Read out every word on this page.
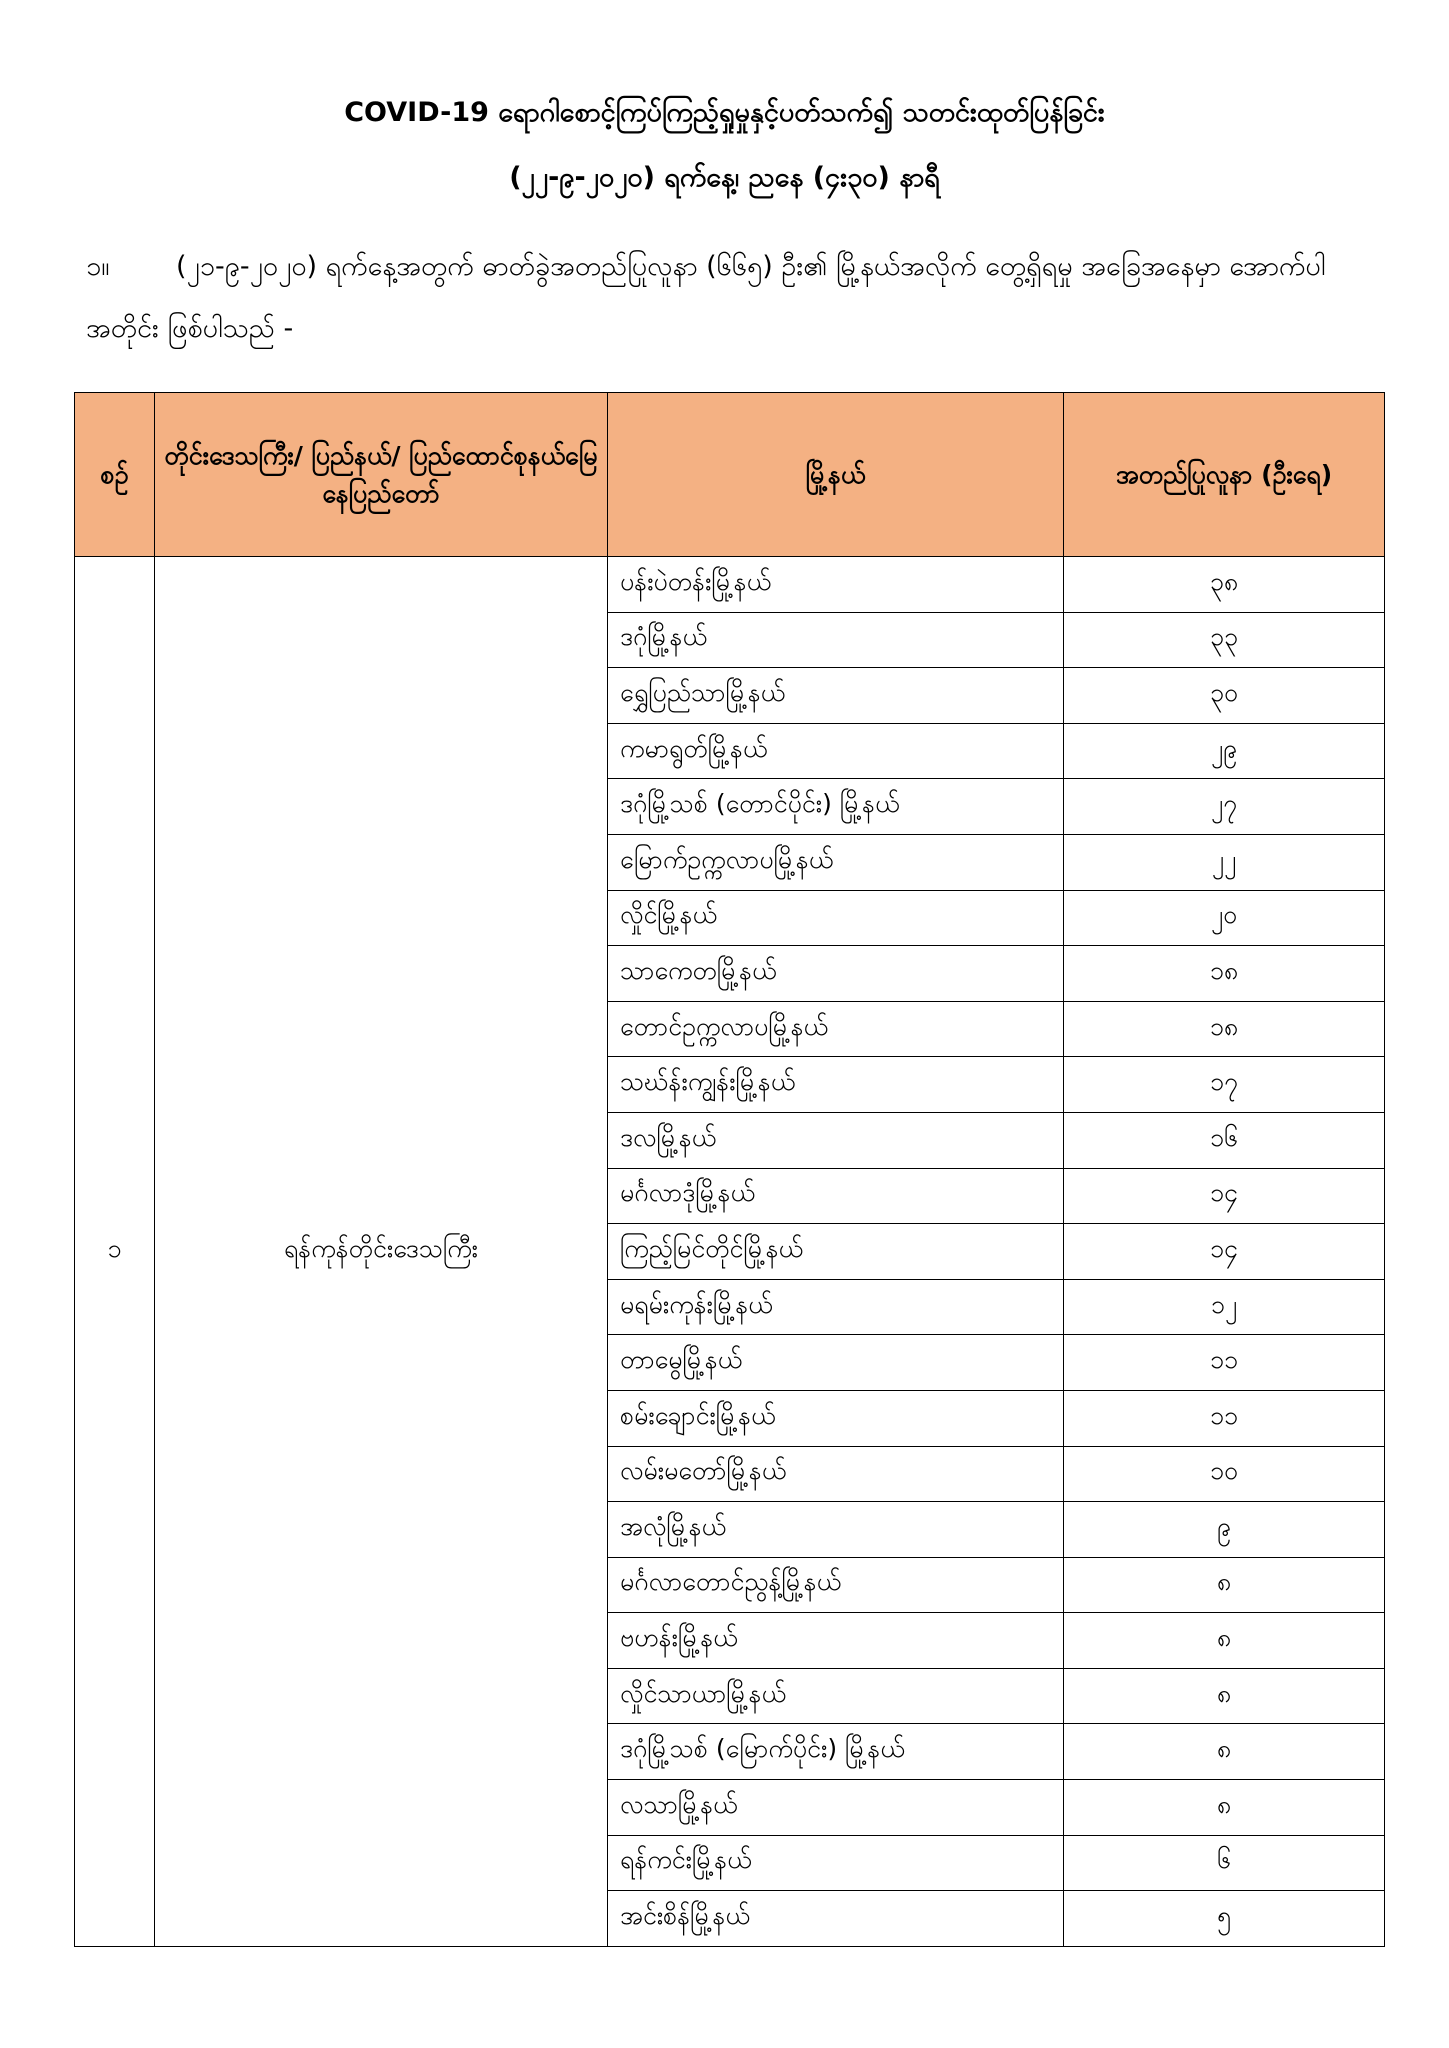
COVID-19 ရောဂါစောင့်ကြပ်ကြည့်ရှုမှုနှင့်ပတ်သက်၍ သတင်းထုတ်ပြန်ခြင်း
(၂၂-၉-၂၀၂၀) ရက်နေ့၊ ညနေ (၄း၃၀) နာရီ
၁။ (၂၁-၉-၂၀၂၀) ရက်နေ့အတွက် ဓာတ်ခွဲအတည်ပြုလူနာ (၆၆၅) ဦး၏ မြို့နယ်အလိုက် တွေ့ရှိရမှု အခြေအနေမှာ အောက်ပါအတိုင်း ဖြစ်ပါသည် -
စဉ်	တိုင်းဒေသကြီး/ ပြည်နယ်/ ပြည်ထောင်စုနယ်မြေ နေပြည်တော်	မြို့နယ်	အတည်ပြုလူနာ (ဦးရေ)
၁	ရန်ကုန်တိုင်းဒေသကြီး	ပန်းပဲတန်းမြို့နယ်	၃၈
		ဒဂုံမြို့နယ်	၃၃
		ရွှေပြည်သာမြို့နယ်	၃၀
		ကမာရွတ်မြို့နယ်	၂၉
		ဒဂုံမြို့သစ် (တောင်ပိုင်း) မြို့နယ်	၂၇
		မြောက်ဥက္ကလာပမြို့နယ်	၂၂
		လှိုင်မြို့နယ်	၂၀
		သာကေတမြို့နယ်	၁၈
		တောင်ဥက္ကလာပမြို့နယ်	၁၈
		သဃ်န်းကျွန်းမြို့နယ်	၁၇
		ဒလမြို့နယ်	၁၆
		မင်္ဂလာဒုံမြို့နယ်	၁၄
		ကြည့်မြင်တိုင်မြို့နယ်	၁၄
		မရမ်းကုန်းမြို့နယ်	၁၂
		တာမွေမြို့နယ်	၁၁
		စမ်းချောင်းမြို့နယ်	၁၁
		လမ်းမတော်မြို့နယ်	၁၀
		အလုံမြို့နယ်	၉
		မင်္ဂလာတောင်ညွန့်မြို့နယ်	၈
		ဗဟန်းမြို့နယ်	၈
		လှိုင်သာယာမြို့နယ်	၈
		ဒဂုံမြို့သစ် (မြောက်ပိုင်း) မြို့နယ်	၈
		လသာမြို့နယ်	၈
		ရန်ကင်းမြို့နယ်	၆
		အင်းစိန်မြို့နယ်	၅
